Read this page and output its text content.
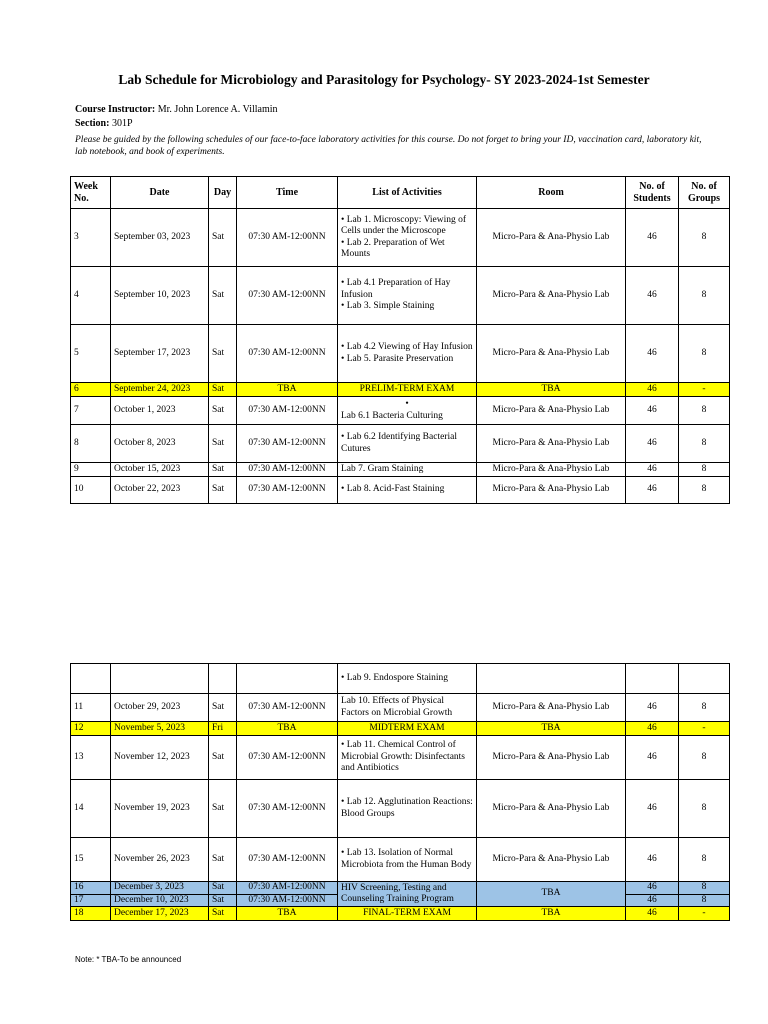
Lab Schedule for Microbiology and Parasitology for Psychology- SY 2023-2024-1st Semester
Course Instructor: Mr. John Lorence A. Villamin
Section: 301P
Please be guided by the following schedules of our face-to-face laboratory activities for this course. Do not forget to bring your ID, vaccination card, laboratory kit, lab notebook, and book of experiments.
Week No.	Date	Day	Time	List of Activities	Room	No. of Students	No. of Groups
3	September 03, 2023	Sat	07:30 AM-12:00NN	• Lab 1. Microscopy: Viewing of Cells under the Microscope
• Lab 2. Preparation of Wet Mounts	Micro-Para & Ana-Physio Lab	46	8
4	September 10, 2023	Sat	07:30 AM-12:00NN	• Lab 4.1 Preparation of Hay Infusion
• Lab 3. Simple Staining	Micro-Para & Ana-Physio Lab	46	8
5	September 17, 2023	Sat	07:30 AM-12:00NN	• Lab 4.2 Viewing of Hay Infusion
• Lab 5. Parasite Preservation	Micro-Para & Ana-Physio Lab	46	8
6	September 24, 2023	Sat	TBA	PRELIM-TERM EXAM	TBA	46	-
7	October 1, 2023	Sat	07:30 AM-12:00NN	•
Lab 6.1 Bacteria Culturing	Micro-Para & Ana-Physio Lab	46	8
8	October 8, 2023	Sat	07:30 AM-12:00NN	• Lab 6.2 Identifying Bacterial Cutures	Micro-Para & Ana-Physio Lab	46	8
9	October 15, 2023	Sat	07:30 AM-12:00NN	Lab 7. Gram Staining	Micro-Para & Ana-Physio Lab	46	8
10	October 22, 2023	Sat	07:30 AM-12:00NN	• Lab 8. Acid-Fast Staining	Micro-Para & Ana-Physio Lab	46	8
				• Lab 9. Endospore Staining			
11	October 29, 2023	Sat	07:30 AM-12:00NN	Lab 10. Effects of Physical Factors on Microbial Growth	Micro-Para & Ana-Physio Lab	46	8
12	November 5, 2023	Fri	TBA	MIDTERM EXAM	TBA	46	-
13	November 12, 2023	Sat	07:30 AM-12:00NN	• Lab 11. Chemical Control of Microbial Growth: Disinfectants and Antibiotics	Micro-Para & Ana-Physio Lab	46	8
14	November 19, 2023	Sat	07:30 AM-12:00NN	• Lab 12. Agglutination Reactions: Blood Groups	Micro-Para & Ana-Physio Lab	46	8
15	November 26, 2023	Sat	07:30 AM-12:00NN	• Lab 13. Isolation of Normal Microbiota from the Human Body	Micro-Para & Ana-Physio Lab	46	8
16	December 3, 2023	Sat	07:30 AM-12:00NN	HIV Screening, Testing and Counseling Training Program	TBA	46	8
17	December 10, 2023	Sat	07:30 AM-12:00NN			46	8
18	December 17, 2023	Sat	TBA	FINAL-TERM EXAM	TBA	46	-
Note: * TBA-To be announced
